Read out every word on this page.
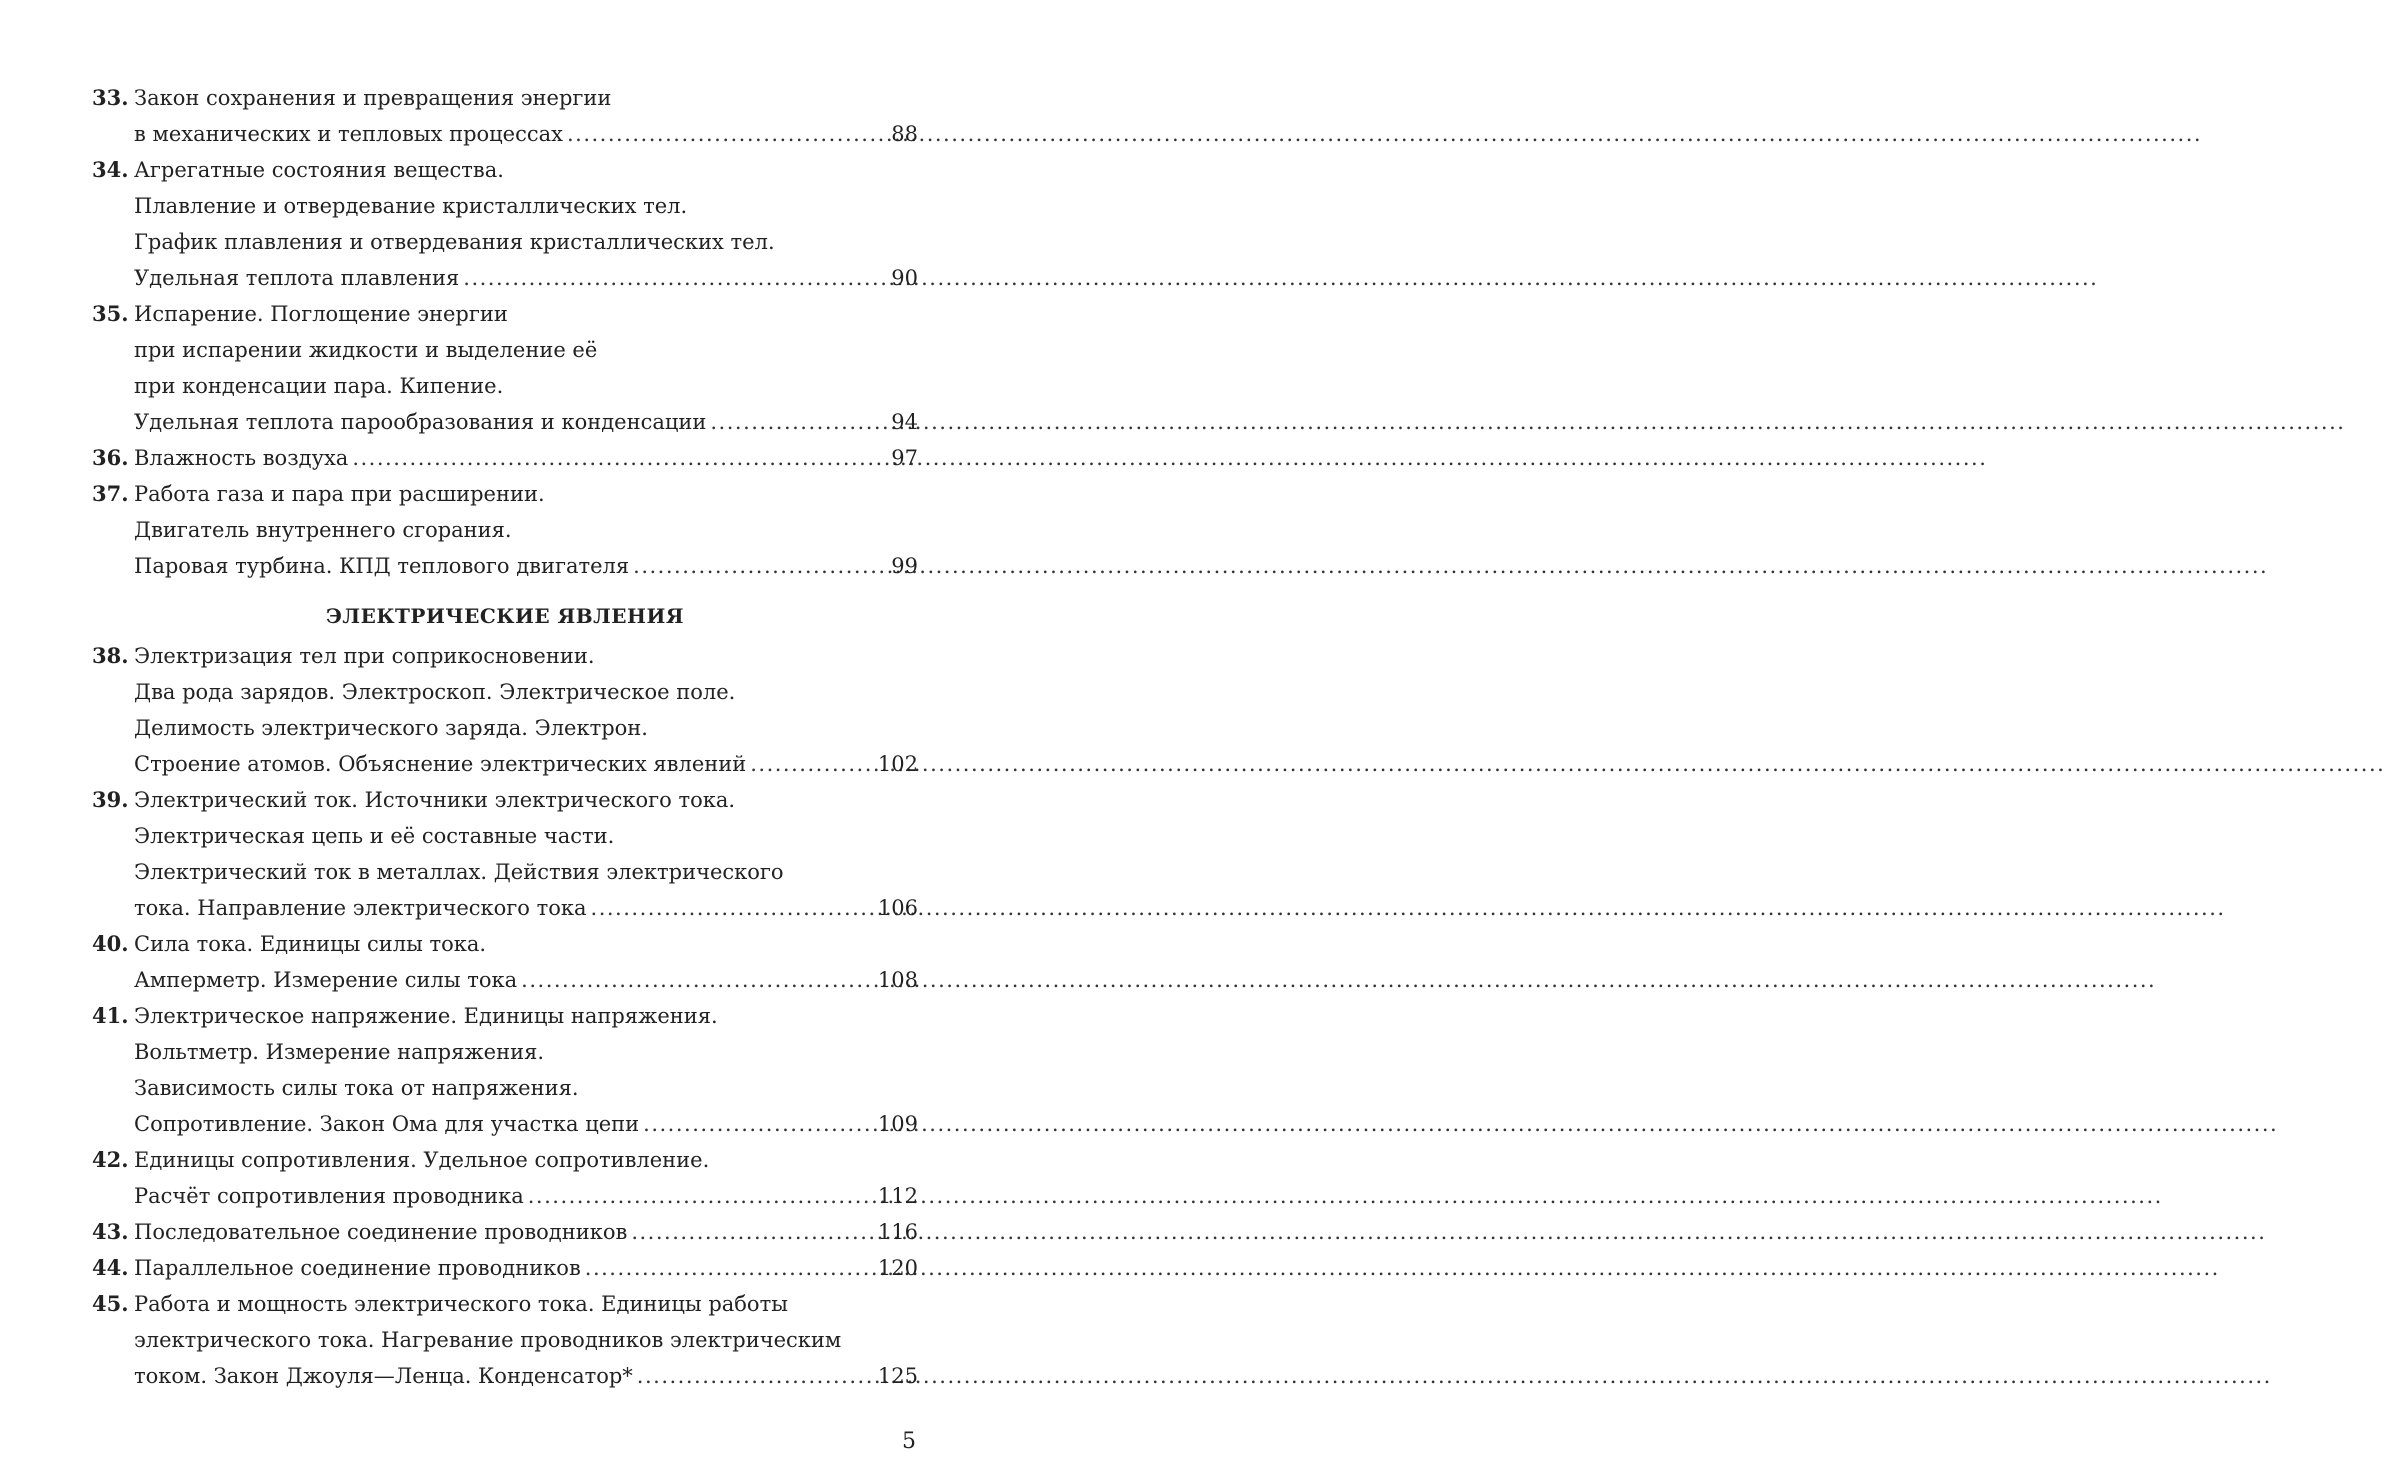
33. Закон сохранения и превращения энергии
в механических и тепловых процессах .....	88
34. Агрегатные состояния вещества.
Плавление и отвердевание кристаллических тел.
График плавления и отвердевания кристаллических тел.
Удельная теплота плавления .....	90
35. Испарение. Поглощение энергии
при испарении жидкости и выделение её
при конденсации пара. Кипение.
Удельная теплота парообразования и конденсации .....	94
36. Влажность воздуха .....	97
37. Работа газа и пара при расширении.
Двигатель внутреннего сгорания.
Паровая турбина. КПД теплового двигателя .....	99
ЭЛЕКТРИЧЕСКИЕ ЯВЛЕНИЯ
38. Электризация тел при соприкосновении.
Два рода зарядов. Электроскоп. Электрическое поле.
Делимость электрического заряда. Электрон.
Строение атомов. Объяснение электрических явлений .....	102
39. Электрический ток. Источники электрического тока.
Электрическая цепь и её составные части.
Электрический ток в металлах. Действия электрического
тока. Направление электрического тока .....	106
40. Сила тока. Единицы силы тока.
Амперметр. Измерение силы тока .....	108
41. Электрическое напряжение. Единицы напряжения.
Вольтметр. Измерение напряжения.
Зависимость силы тока от напряжения.
Сопротивление. Закон Ома для участка цепи .....	109
42. Единицы сопротивления. Удельное сопротивление.
Расчёт сопротивления проводника .....	112
43. Последовательное соединение проводников .....	116
44. Параллельное соединение проводников .....	120
45. Работа и мощность электрического тока. Единицы работы
электрического тока. Нагревание проводников электрическим
током. Закон Джоуля—Ленца. Конденсатор* .....	125
5
